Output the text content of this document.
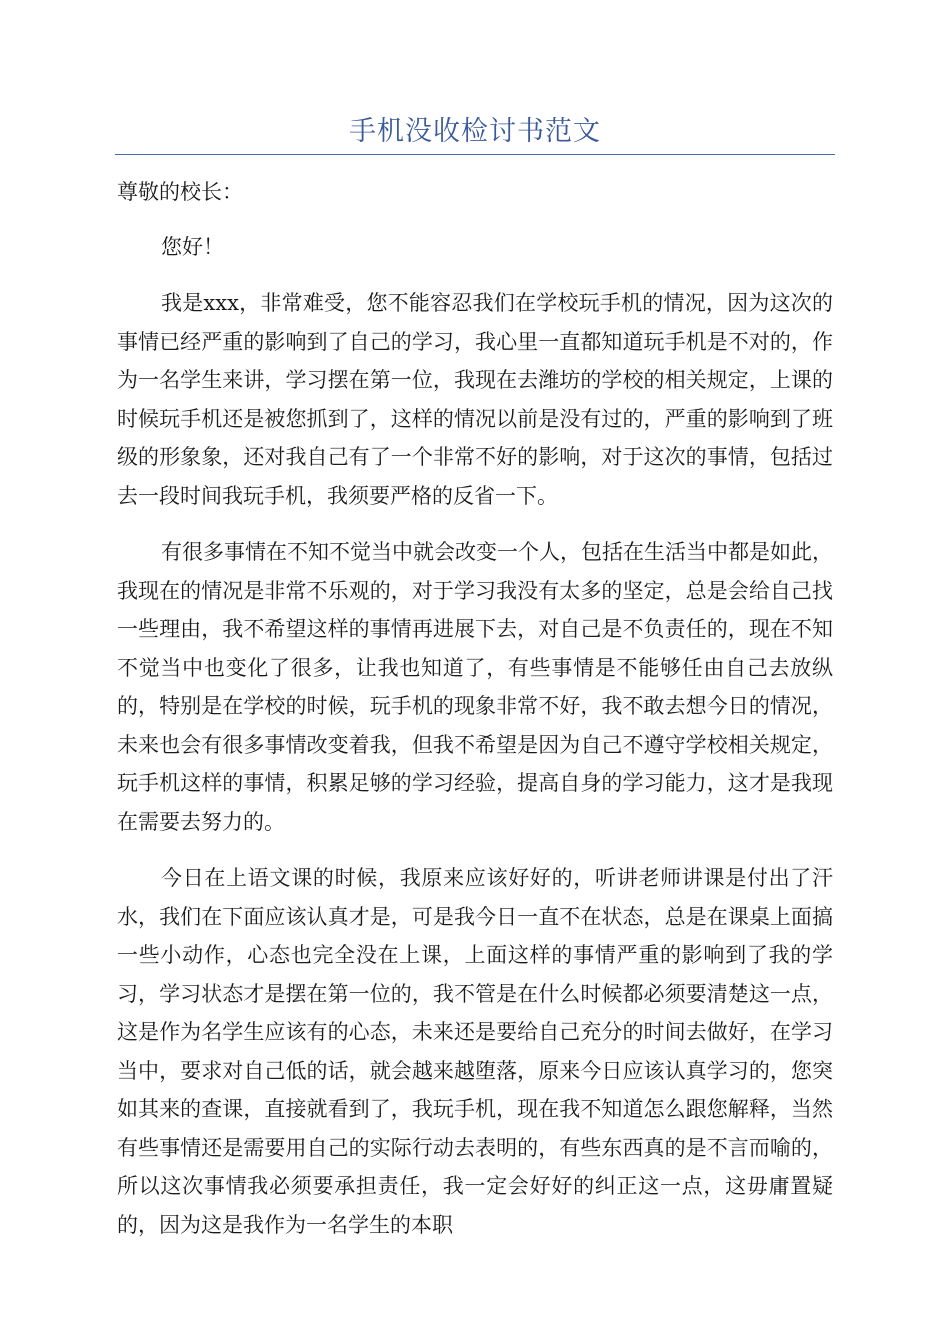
手机没收检讨书范文

尊敬的校长：

您好！

我是xxx，非常难受，您不能容忍我们在学校玩手机的情况，因为这次的事情已经严重的影响到了自己的学习，我心里一直都知道玩手机是不对的，作为一名学生来讲，学习摆在第一位，我现在去潍坊的学校的相关规定，上课的时候玩手机还是被您抓到了，这样的情况以前是没有过的，严重的影响到了班级的形象象，还对我自己有了一个非常不好的影响，对于这次的事情，包括过去一段时间我玩手机，我须要严格的反省一下。

有很多事情在不知不觉当中就会改变一个人，包括在生活当中都是如此，我现在的情况是非常不乐观的，对于学习我没有太多的坚定，总是会给自己找一些理由，我不希望这样的事情再进展下去，对自己是不负责任的，现在不知不觉当中也变化了很多，让我也知道了，有些事情是不能够任由自己去放纵的，特别是在学校的时候，玩手机的现象非常不好，我不敢去想今日的情况，未来也会有很多事情改变着我，但我不希望是因为自己不遵守学校相关规定，玩手机这样的事情，积累足够的学习经验，提高自身的学习能力，这才是我现在需要去努力的。

今日在上语文课的时候，我原来应该好好的，听讲老师讲课是付出了汗水，我们在下面应该认真才是，可是我今日一直不在状态，总是在课桌上面搞一些小动作，心态也完全没在上课，上面这样的事情严重的影响到了我的学习，学习状态才是摆在第一位的，我不管是在什么时候都必须要清楚这一点，这是作为名学生应该有的心态，未来还是要给自己充分的时间去做好，在学习当中，要求对自己低的话，就会越来越堕落，原来今日应该认真学习的，您突如其来的查课，直接就看到了，我玩手机，现在我不知道怎么跟您解释，当然有些事情还是需要用自己的实际行动去表明的，有些东西真的是不言而喻的，所以这次事情我必须要承担责任，我一定会好好的纠正这一点，这毋庸置疑的，因为这是我作为一名学生的本职
